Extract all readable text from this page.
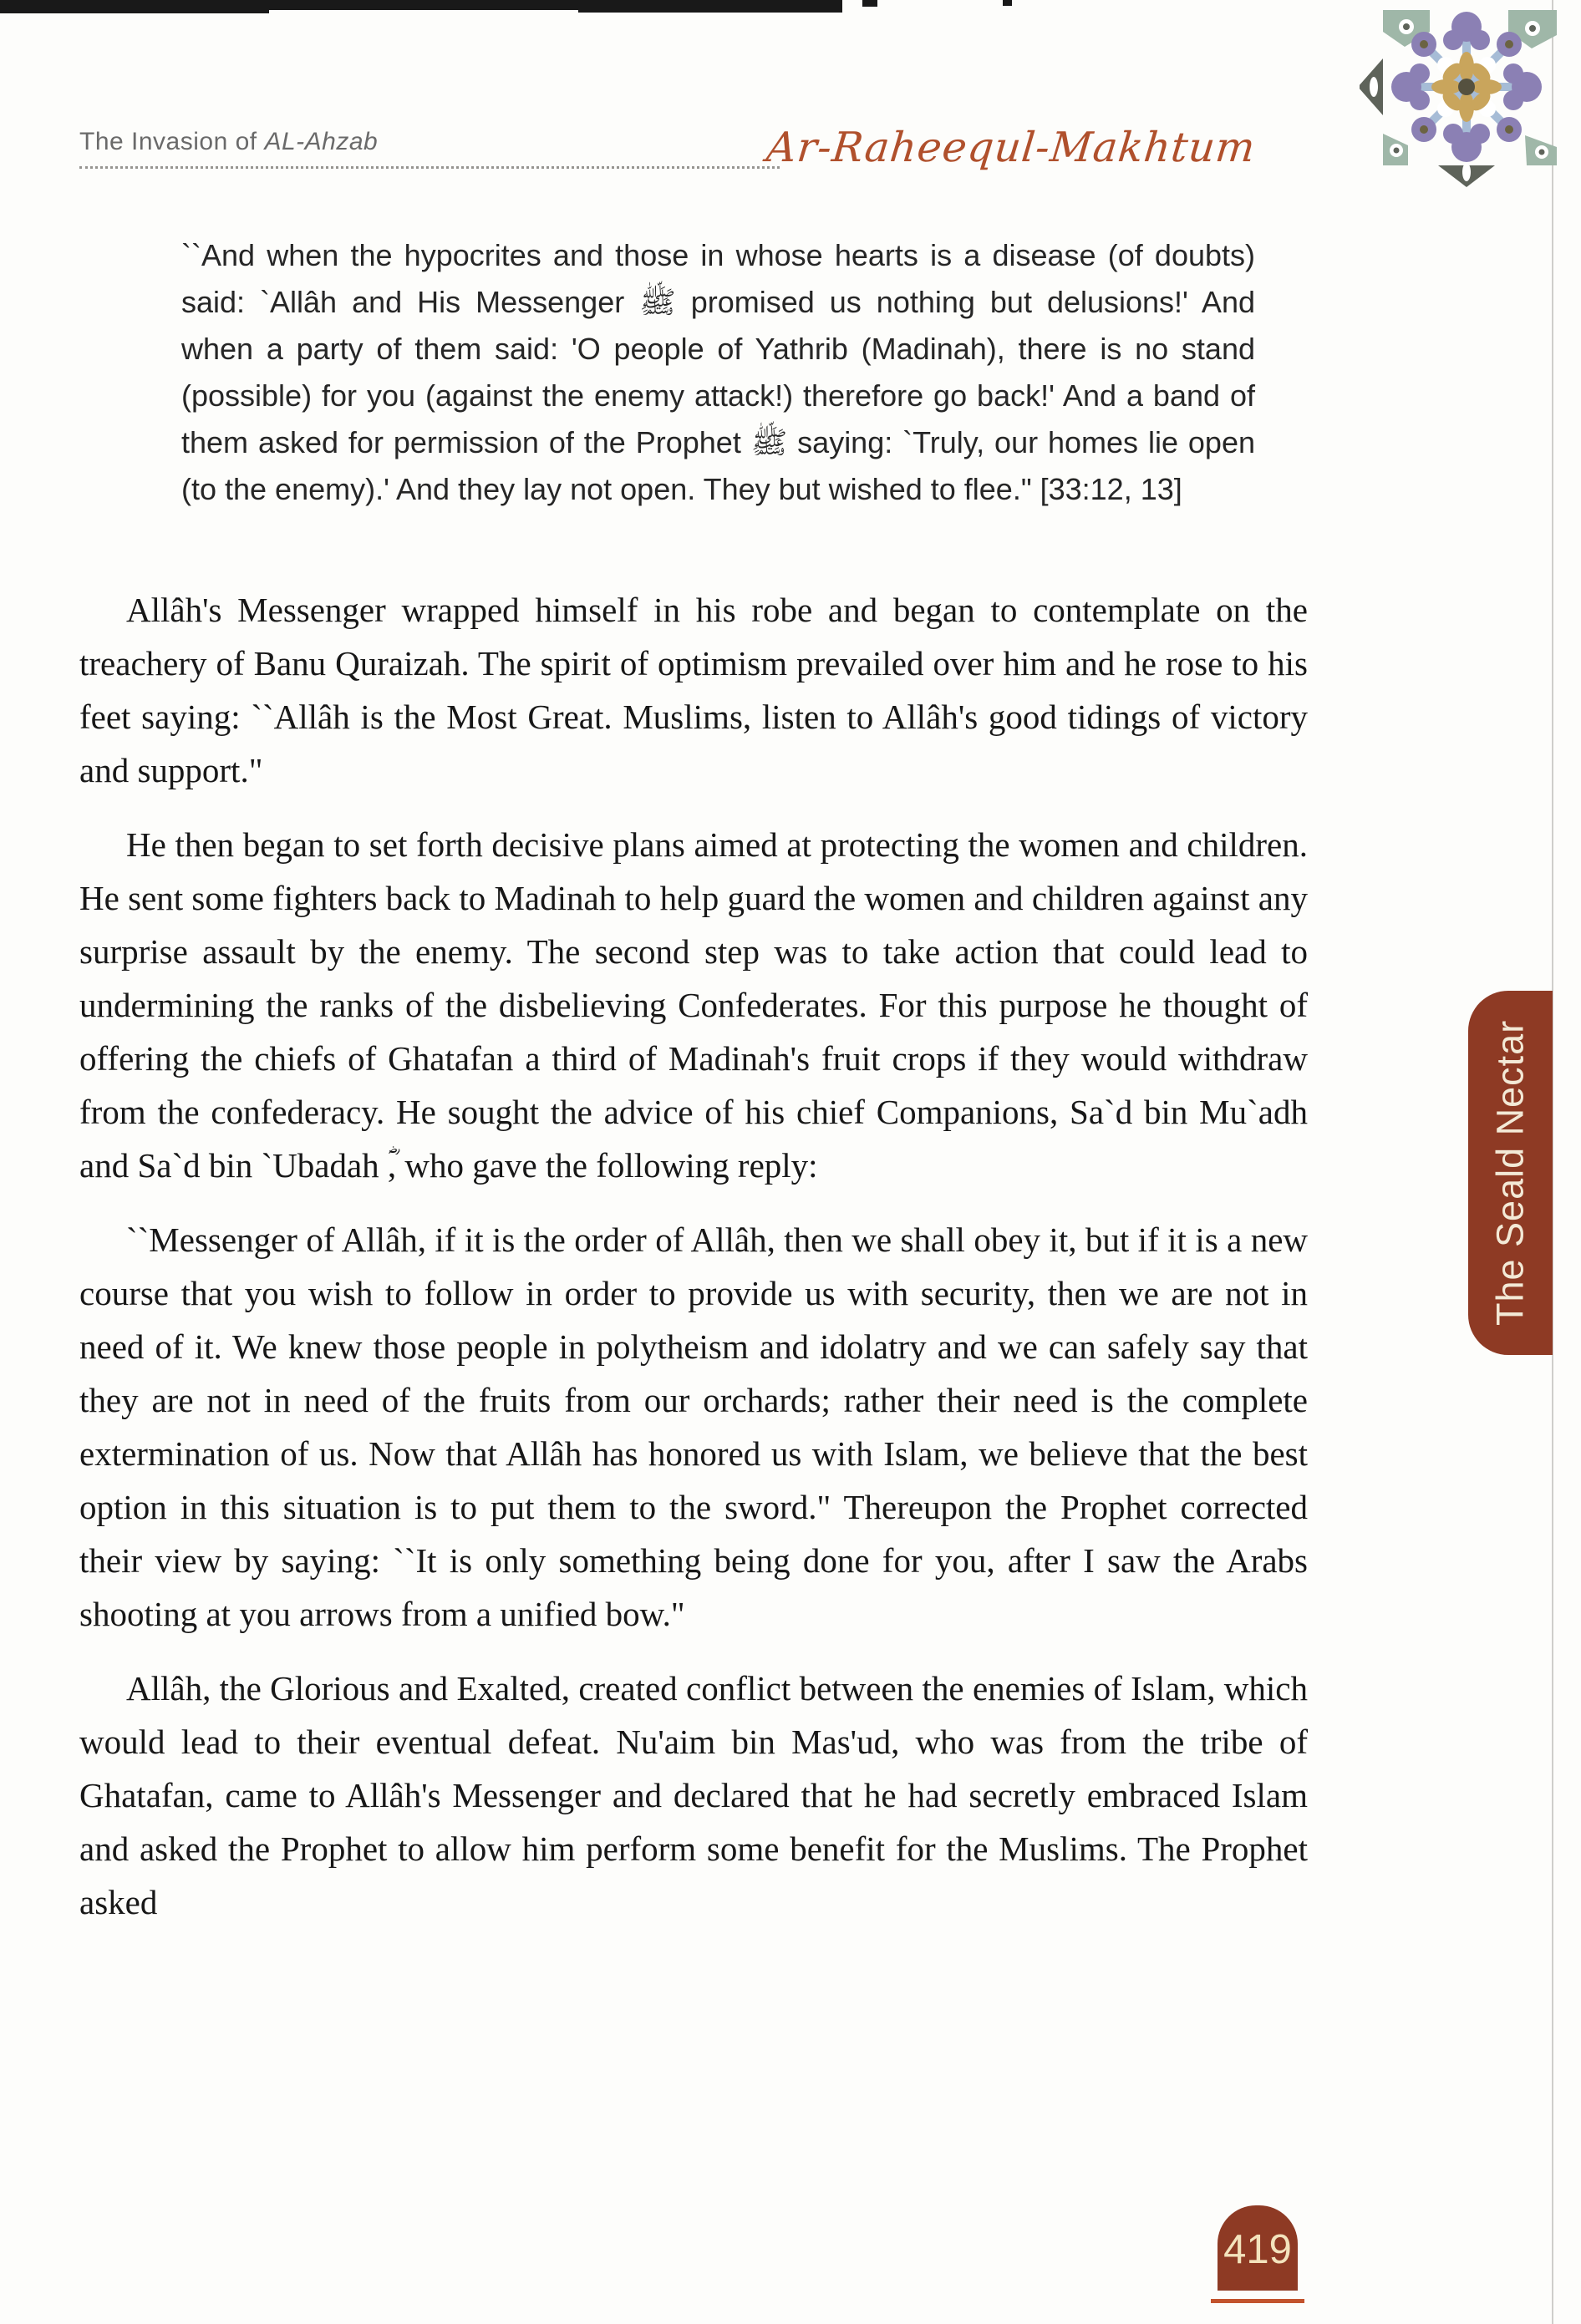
The Invasion of AL-Ahzab	Ar-Raheequl-Makhtum
``And when the hypocrites and those in whose hearts is a disease (of doubts) said: `Allâh and His Messenger ﷺ promised us nothing but delusions!' And when a party of them said: 'O people of Yathrib (Madinah), there is no stand (possible) for you (against the enemy attack!) therefore go back!' And a band of them asked for permission of the Prophet ﷺ saying: `Truly, our homes lie open (to the enemy).' And they lay not open. They but wished to flee." [33:12, 13]

Allâh's Messenger wrapped himself in his robe and began to contemplate on the treachery of Banu Quraizah. The spirit of optimism prevailed over him and he rose to his feet saying: ``Allâh is the Most Great. Muslims, listen to Allâh's good tidings of victory and support."

He then began to set forth decisive plans aimed at protecting the women and children. He sent some fighters back to Madinah to help guard the women and children against any surprise assault by the enemy. The second step was to take action that could lead to undermining the ranks of the disbelieving Confederates. For this purpose he thought of offering the chiefs of Ghatafan a third of Madinah's fruit crops if they would withdraw from the confederacy. He sought the advice of his chief Companions, Sa`d bin Mu`adh and Sa`d bin `Ubadah ؓ, who gave the following reply:

``Messenger of Allâh, if it is the order of Allâh, then we shall obey it, but if it is a new course that you wish to follow in order to provide us with security, then we are not in need of it. We knew those people in polytheism and idolatry and we can safely say that they are not in need of the fruits from our orchards; rather their need is the complete extermination of us. Now that Allâh has honored us with Islam, we believe that the best option in this situation is to put them to the sword." Thereupon the Prophet corrected their view by saying: ``It is only something being done for you, after I saw the Arabs shooting at you arrows from a unified bow."

Allâh, the Glorious and Exalted, created conflict between the enemies of Islam, which would lead to their eventual defeat. Nu'aim bin Mas'ud, who was from the tribe of Ghatafan, came to Allâh's Messenger and declared that he had secretly embraced Islam and asked the Prophet to allow him perform some benefit for the Muslims. The Prophet asked

The Seald Nectar
419
